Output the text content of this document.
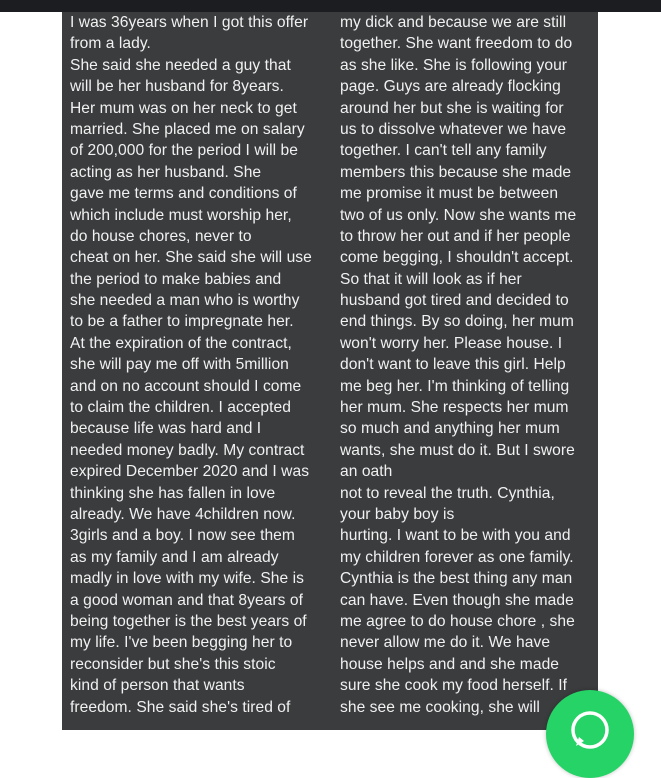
I was 36years when I got this offer
from a lady.
She said she needed a guy that
will be her husband for 8years.
Her mum was on her neck to get
married. She placed me on salary
of 200,000 for the period I will be
acting as her husband. She
gave me terms and conditions of
which include must worship her,
do house chores, never to
cheat on her. She said she will use
the period to make babies and
she needed a man who is worthy
to be a father to impregnate her.
At the expiration of the contract,
she will pay me off with 5million
and on no account should I come
to claim the children. I accepted
because life was hard and I
needed money badly. My contract
expired December 2020 and I was
thinking she has fallen in love
already. We have 4children now.
3girls and a boy. I now see them
as my family and I am already
madly in love with my wife. She is
a good woman and that 8years of
being together is the best years of
my life. I've been begging her to
reconsider but she's this stoic
kind of person that wants
freedom. She said she's tired of
my dick and because we are still
together. She want freedom to do
as she like. She is following your
page. Guys are already flocking
around her but she is waiting for
us to dissolve whatever we have
together. I can't tell any family
members this because she made
me promise it must be between
two of us only. Now she wants me
to throw her out and if her people
come begging, I shouldn't accept.
So that it will look as if her
husband got tired and decided to
end things. By so doing, her mum
won't worry her. Please house. I
don't want to leave this girl. Help
me beg her. I'm thinking of telling
her mum. She respects her mum
so much and anything her mum
wants, she must do it. But I swore
an oath
not to reveal the truth. Cynthia,
your baby boy is
hurting. I want to be with you and
my children forever as one family.
Cynthia is the best thing any man
can have. Even though she made
me agree to do house chore , she
never allow me do it. We have
house helps and and she made
sure she cook my food herself. If
she see me cooking, she will
